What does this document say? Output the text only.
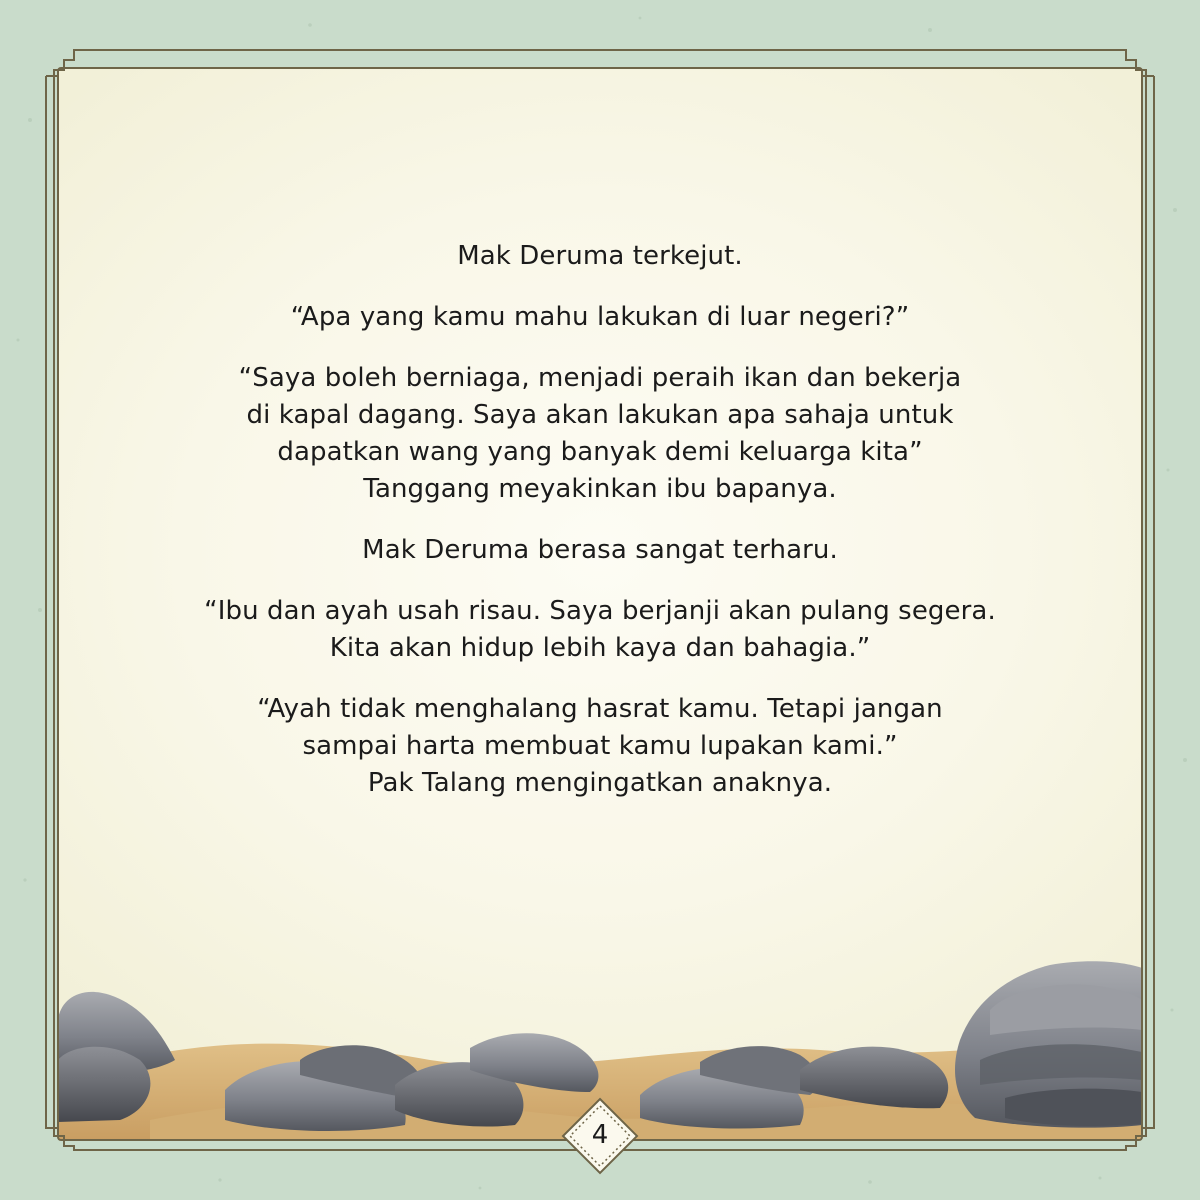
Mak Deruma terkejut.

“Apa yang kamu mahu lakukan di luar negeri?”

“Saya boleh berniaga, menjadi peraih ikan dan bekerja
di kapal dagang. Saya akan lakukan apa sahaja untuk
dapatkan wang yang banyak demi keluarga kita”
Tanggang meyakinkan ibu bapanya.

Mak Deruma berasa sangat terharu.

“Ibu dan ayah usah risau. Saya berjanji akan pulang segera.
Kita akan hidup lebih kaya dan bahagia.”

“Ayah tidak menghalang hasrat kamu. Tetapi jangan
sampai harta membuat kamu lupakan kami.”
Pak Talang mengingatkan anaknya.

4
